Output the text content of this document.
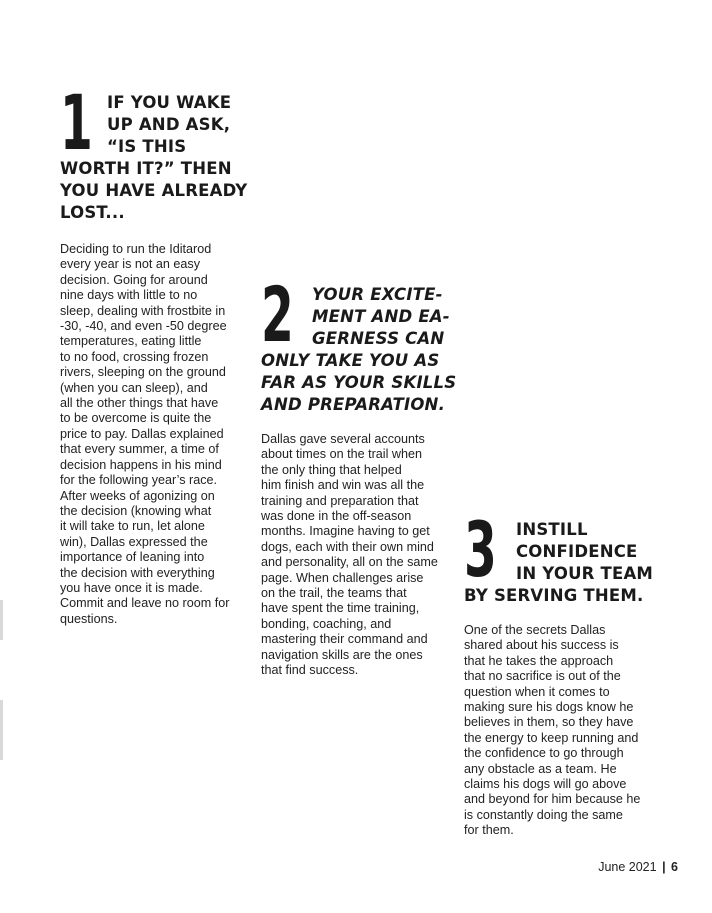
1 IF YOU WAKE
UP AND ASK,
“IS THIS
WORTH IT?” THEN
YOU HAVE ALREADY
LOST...
Deciding to run the Iditarod
every year is not an easy
decision. Going for around
nine days with little to no
sleep, dealing with frostbite in
-30, -40, and even -50 degree
temperatures, eating little
to no food, crossing frozen
rivers, sleeping on the ground
(when you can sleep), and
all the other things that have
to be overcome is quite the
price to pay. Dallas explained
that every summer, a time of
decision happens in his mind
for the following year’s race.
After weeks of agonizing on
the decision (knowing what
it will take to run, let alone
win), Dallas expressed the
importance of leaning into
the decision with everything
you have once it is made.
Commit and leave no room for
questions.
2 YOUR EXCITE-
MENT AND EA-
GERNESS CAN
ONLY TAKE YOU AS
FAR AS YOUR SKILLS
AND PREPARATION.
Dallas gave several accounts
about times on the trail when
the only thing that helped
him finish and win was all the
training and preparation that
was done in the off-season
months. Imagine having to get
dogs, each with their own mind
and personality, all on the same
page. When challenges arise
on the trail, the teams that
have spent the time training,
bonding, coaching, and
mastering their command and
navigation skills are the ones
that find success.
3 INSTILL
CONFIDENCE
IN YOUR TEAM
BY SERVING THEM.
One of the secrets Dallas
shared about his success is
that he takes the approach
that no sacrifice is out of the
question when it comes to
making sure his dogs know he
believes in them, so they have
the energy to keep running and
the confidence to go through
any obstacle as a team. He
claims his dogs will go above
and beyond for him because he
is constantly doing the same
for them.
June 2021 | 6
